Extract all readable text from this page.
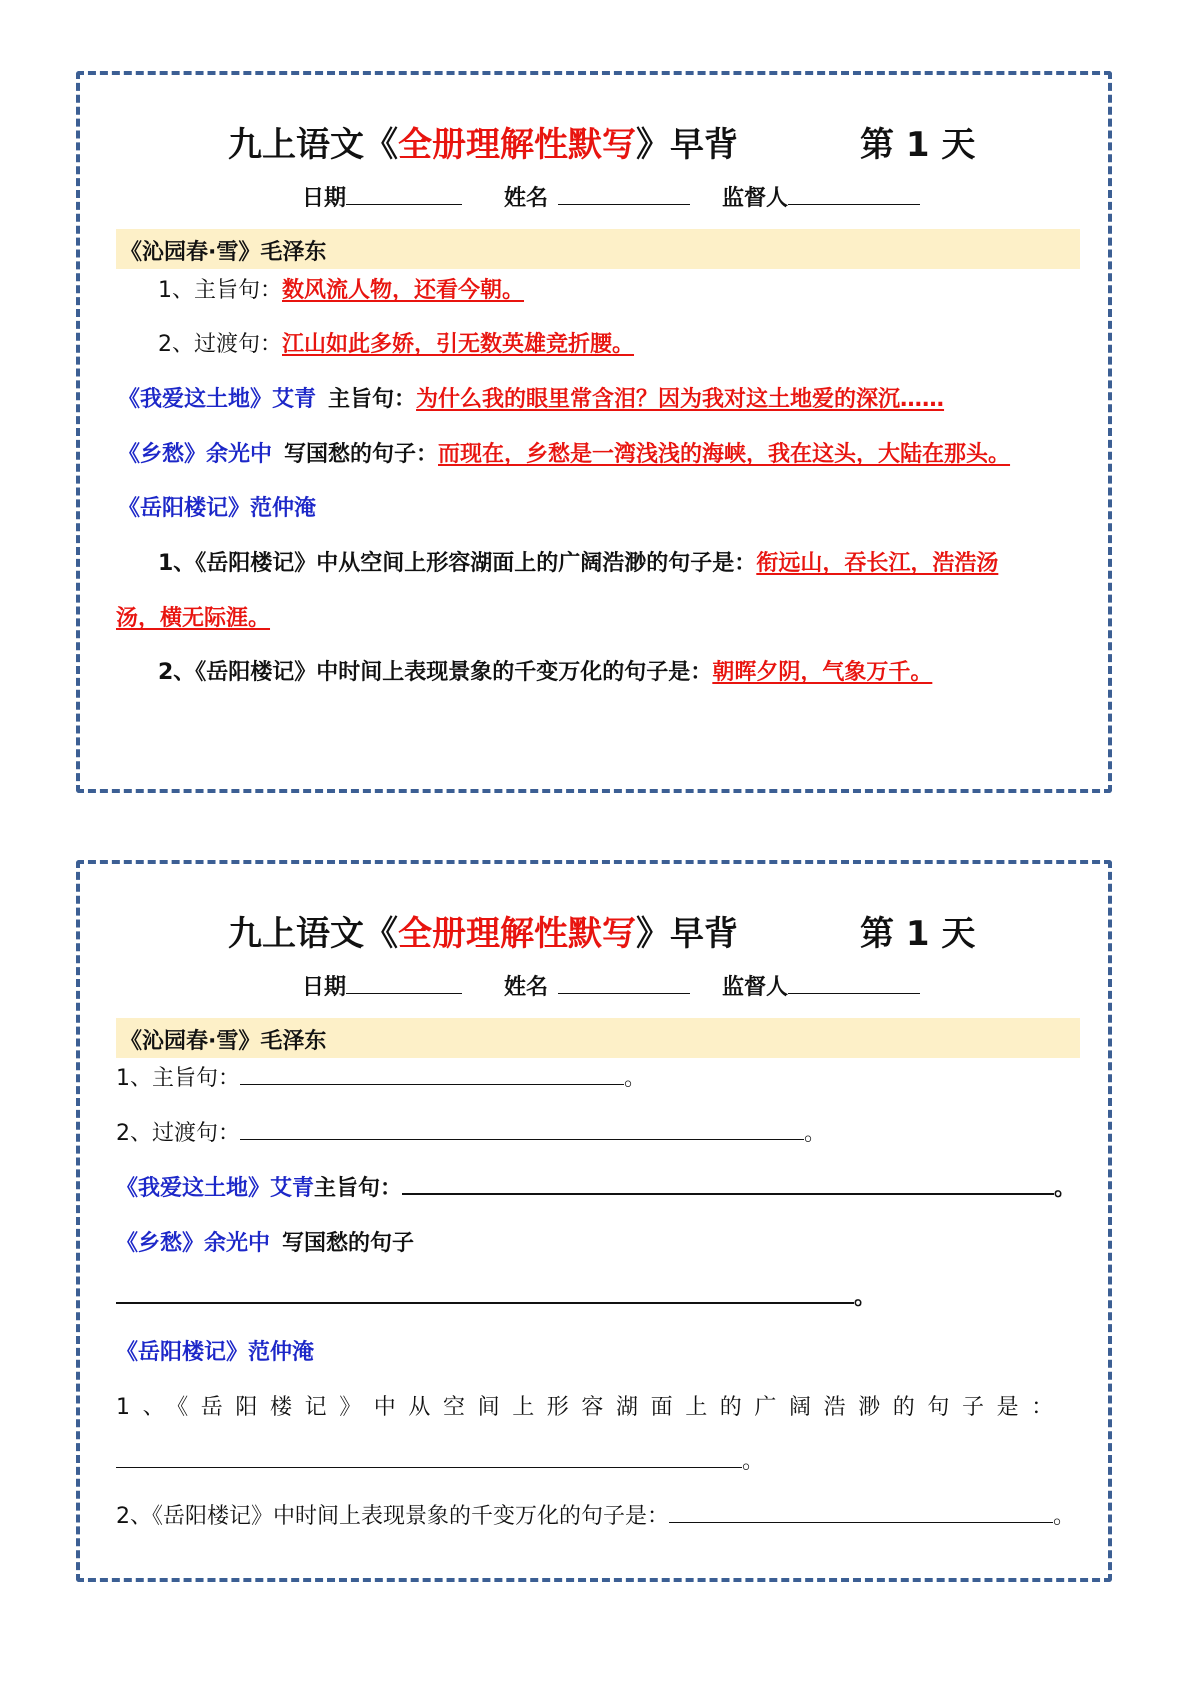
九上语文《全册理解性默写》早背	第 1 天
日期	姓名	监督人
《沁园春·雪》毛泽东
1、主旨句：数风流人物，还看今朝。
2、过渡句：江山如此多娇，引无数英雄竞折腰。
《我爱这土地》艾青 主旨句：为什么我的眼里常含泪？因为我对这土地爱的深沉……
《乡愁》余光中 写国愁的句子：而现在，乡愁是一湾浅浅的海峡，我在这头，大陆在那头。
《岳阳楼记》范仲淹
1、《岳阳楼记》中从空间上形容湖面上的广阔浩渺的句子是：衔远山，吞长江，浩浩汤
汤，横无际涯。
2、《岳阳楼记》中时间上表现景象的千变万化的句子是：朝晖夕阴，气象万千。
九上语文《全册理解性默写》早背	第 1 天
日期	姓名	监督人
《沁园春·雪》毛泽东
1、主旨句：	。
2、过渡句：	。
《我爱这土地》艾青主旨句：	。
《乡愁》余光中 写国愁的句子
。
《岳阳楼记》范仲淹
1、《岳阳楼记》中从空间上形容湖面上的广阔浩渺的句子是：
。
2、《岳阳楼记》中时间上表现景象的千变万化的句子是：	。
